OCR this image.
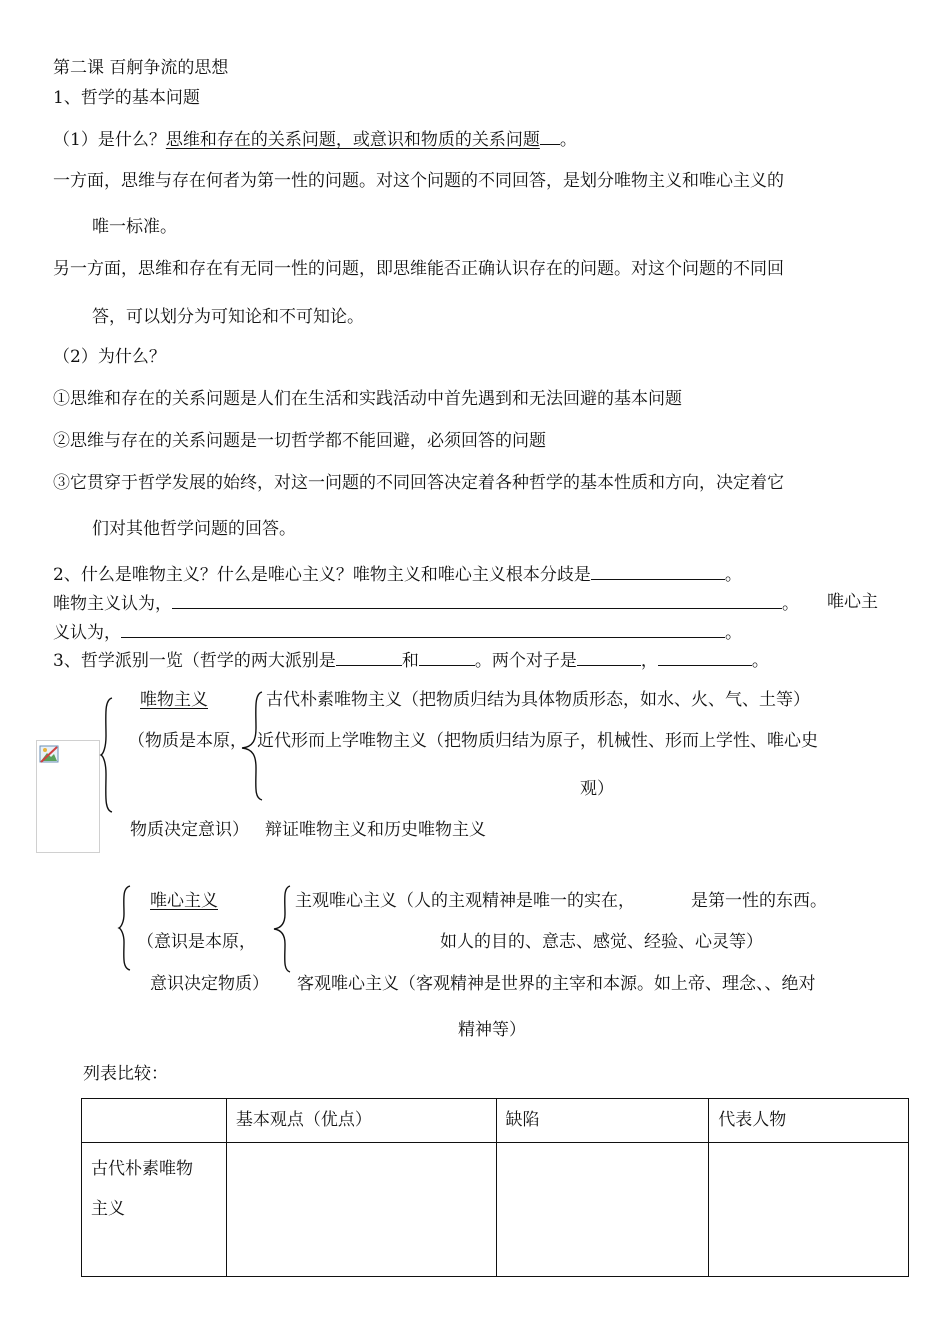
第二课 百舸争流的思想
1、哲学的基本问题
（1）是什么？思维和存在的关系问题，或意识和物质的关系问题 。
一方面，思维与存在何者为第一性的问题。对这个问题的不同回答，是划分唯物主义和唯心主义的
唯一标准。
另一方面，思维和存在有无同一性的问题，即思维能否正确认识存在的问题。对这个问题的不同回
答，可以划分为可知论和不可知论。
（2）为什么？
①思维和存在的关系问题是人们在生活和实践活动中首先遇到和无法回避的基本问题
②思维与存在的关系问题是一切哲学都不能回避，必须回答的问题
③它贯穿于哲学发展的始终，对这一问题的不同回答决定着各种哲学的基本性质和方向，决定着它
们对其他哲学问题的回答。
2、什么是唯物主义？什么是唯心主义？唯物主义和唯心主义根本分歧是	。
唯物主义认为，	。 唯心主
义认为，	。
3、哲学派别一览（哲学的两大派别是	和	。两个对子是	，	。
唯物主义
（物质是本原，
物质决定意识）
古代朴素唯物主义（把物质归结为具体物质形态，如水、火、气、土等）
近代形而上学唯物主义（把物质归结为原子，机械性、形而上学性、唯心史
观）
辩证唯物主义和历史唯物主义
唯心主义
（意识是本原，
意识决定物质）
主观唯心主义（人的主观精神是唯一的实在，	是第一性的东西。
如人的目的、意志、感觉、经验、心灵等）
客观唯心主义（客观精神是世界的主宰和本源。如上帝、理念、、绝对
精神等）
列表比较：
	基本观点（优点）	缺陷	代表人物
古代朴素唯物
主义			
